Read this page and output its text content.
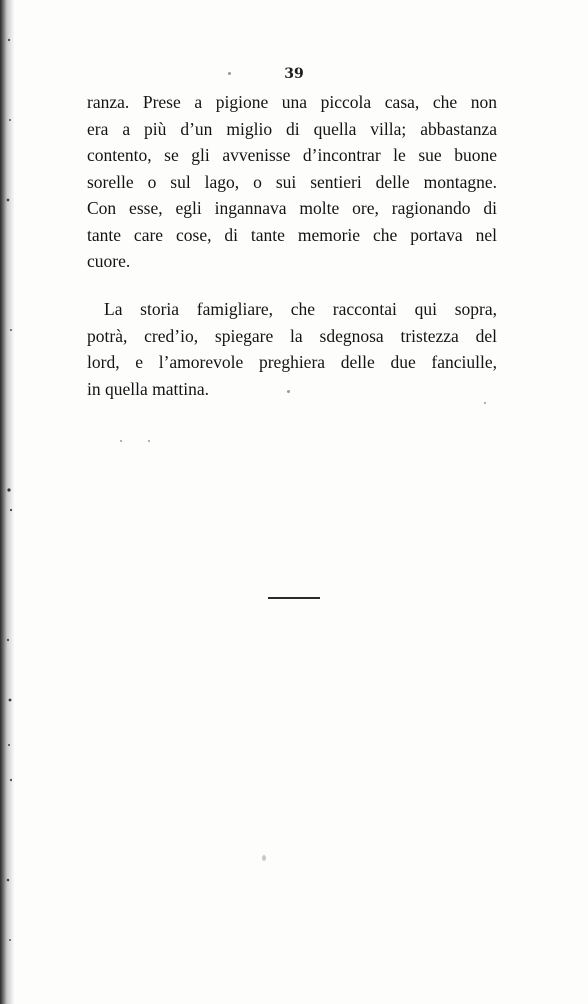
39

ranza. Prese a pigione una piccola casa, che non
era a più d’un miglio di quella villa; abbastanza
contento, se gli avvenisse d’incontrar le sue buone
sorelle o sul lago, o sui sentieri delle montagne.
Con esse, egli ingannava molte ore, ragionando di
tante care cose, di tante memorie che portava nel
cuore.

La storia famigliare, che raccontai qui sopra,
potrà, cred’io, spiegare la sdegnosa tristezza del
lord, e l’amorevole preghiera delle due fanciulle,
in quella mattina.
